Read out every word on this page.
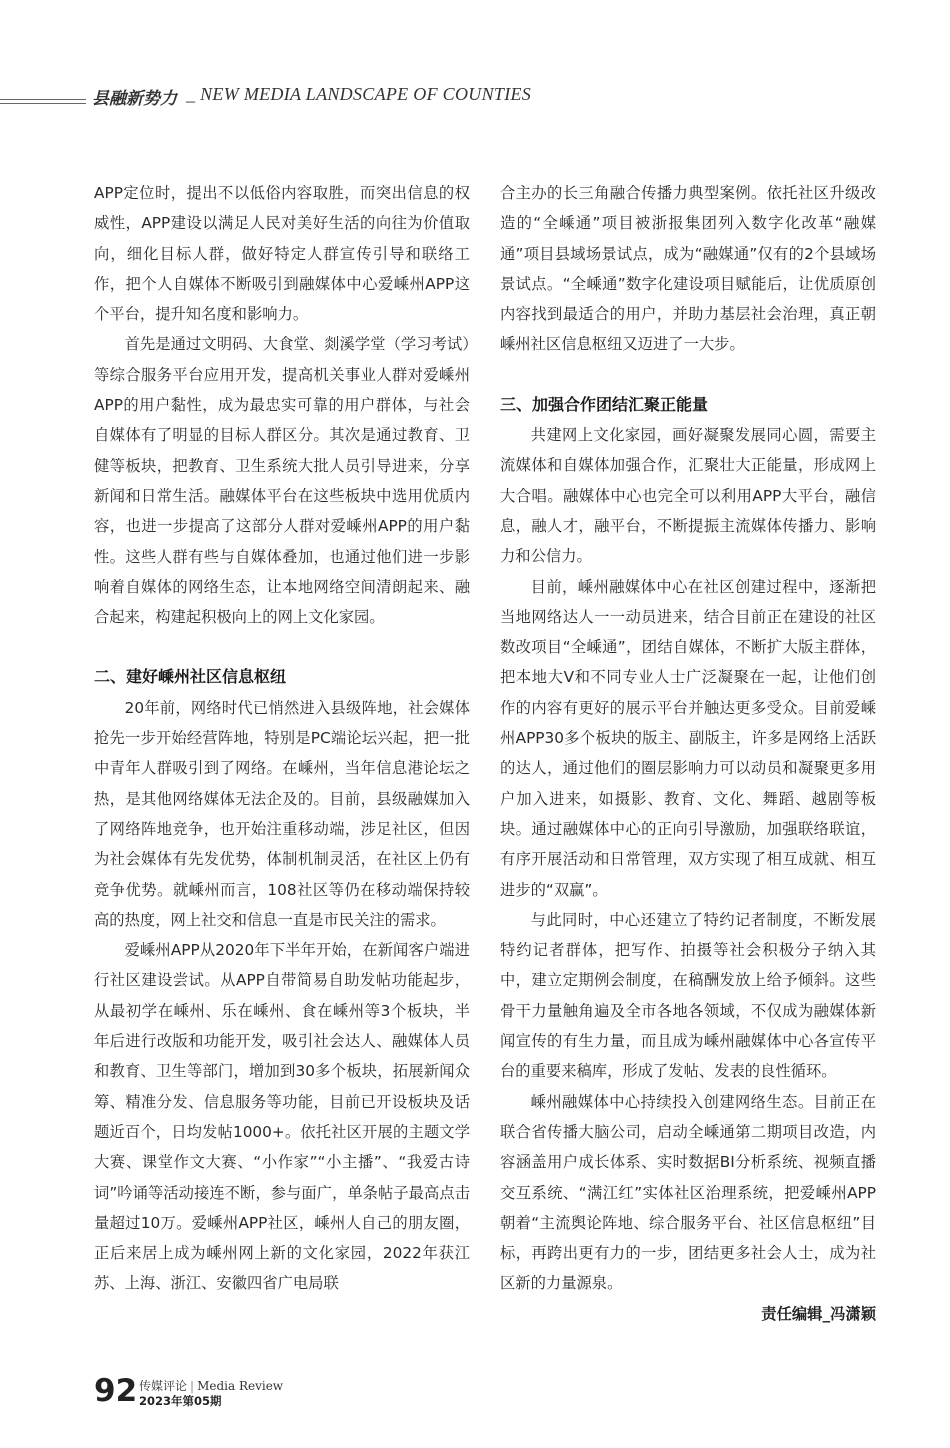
县融新势力 _ NEW MEDIA LANDSCAPE OF COUNTIES

APP定位时，提出不以低俗内容取胜，而突出信息的权威性，APP建设以满足人民对美好生活的向往为价值取向，细化目标人群，做好特定人群宣传引导和联络工作，把个人自媒体不断吸引到融媒体中心爱嵊州APP这个平台，提升知名度和影响力。

首先是通过文明码、大食堂、剡溪学堂（学习考试）等综合服务平台应用开发，提高机关事业人群对爱嵊州APP的用户黏性，成为最忠实可靠的用户群体，与社会自媒体有了明显的目标人群区分。其次是通过教育、卫健等板块，把教育、卫生系统大批人员引导进来，分享新闻和日常生活。融媒体平台在这些板块中选用优质内容，也进一步提高了这部分人群对爱嵊州APP的用户黏性。这些人群有些与自媒体叠加，也通过他们进一步影响着自媒体的网络生态，让本地网络空间清朗起来、融合起来，构建起积极向上的网上文化家园。

二、建好嵊州社区信息枢纽

20年前，网络时代已悄然进入县级阵地，社会媒体抢先一步开始经营阵地，特别是PC端论坛兴起，把一批中青年人群吸引到了网络。在嵊州，当年信息港论坛之热，是其他网络媒体无法企及的。目前，县级融媒加入了网络阵地竞争，也开始注重移动端，涉足社区，但因为社会媒体有先发优势，体制机制灵活，在社区上仍有竞争优势。就嵊州而言，108社区等仍在移动端保持较高的热度，网上社交和信息一直是市民关注的需求。

爱嵊州APP从2020年下半年开始，在新闻客户端进行社区建设尝试。从APP自带简易自助发帖功能起步，从最初学在嵊州、乐在嵊州、食在嵊州等3个板块，半年后进行改版和功能开发，吸引社会达人、融媒体人员和教育、卫生等部门，增加到30多个板块，拓展新闻众筹、精准分发、信息服务等功能，目前已开设板块及话题近百个，日均发帖1000+。依托社区开展的主题文学大赛、课堂作文大赛、“小作家”“小主播”、“我爱古诗词”吟诵等活动接连不断，参与面广，单条帖子最高点击量超过10万。爱嵊州APP社区，嵊州人自己的朋友圈，正后来居上成为嵊州网上新的文化家园，2022年获江苏、上海、浙江、安徽四省广电局联

合主办的长三角融合传播力典型案例。依托社区升级改造的“全嵊通”项目被浙报集团列入数字化改革“融媒通”项目县域场景试点，成为“融媒通”仅有的2个县域场景试点。“全嵊通”数字化建设项目赋能后，让优质原创内容找到最适合的用户，并助力基层社会治理，真正朝嵊州社区信息枢纽又迈进了一大步。

三、加强合作团结汇聚正能量

共建网上文化家园，画好凝聚发展同心圆，需要主流媒体和自媒体加强合作，汇聚壮大正能量，形成网上大合唱。融媒体中心也完全可以利用APP大平台，融信息，融人才，融平台，不断提振主流媒体传播力、影响力和公信力。

目前，嵊州融媒体中心在社区创建过程中，逐渐把当地网络达人一一动员进来，结合目前正在建设的社区数改项目“全嵊通”，团结自媒体，不断扩大版主群体，把本地大V和不同专业人士广泛凝聚在一起，让他们创作的内容有更好的展示平台并触达更多受众。目前爱嵊州APP30多个板块的版主、副版主，许多是网络上活跃的达人，通过他们的圈层影响力可以动员和凝聚更多用户加入进来，如摄影、教育、文化、舞蹈、越剧等板块。通过融媒体中心的正向引导激励，加强联络联谊，有序开展活动和日常管理，双方实现了相互成就、相互进步的“双赢”。

与此同时，中心还建立了特约记者制度，不断发展特约记者群体，把写作、拍摄等社会积极分子纳入其中，建立定期例会制度，在稿酬发放上给予倾斜。这些骨干力量触角遍及全市各地各领域，不仅成为融媒体新闻宣传的有生力量，而且成为嵊州融媒体中心各宣传平台的重要来稿库，形成了发帖、发表的良性循环。

嵊州融媒体中心持续投入创建网络生态。目前正在联合省传播大脑公司，启动全嵊通第二期项目改造，内容涵盖用户成长体系、实时数据BI分析系统、视频直播交互系统、“满江红”实体社区治理系统，把爱嵊州APP朝着“主流舆论阵地、综合服务平台、社区信息枢纽”目标，再跨出更有力的一步，团结更多社会人士，成为社区新的力量源泉。

责任编辑_冯潇颖

92 传媒评论 | Media Review
2023年第05期
